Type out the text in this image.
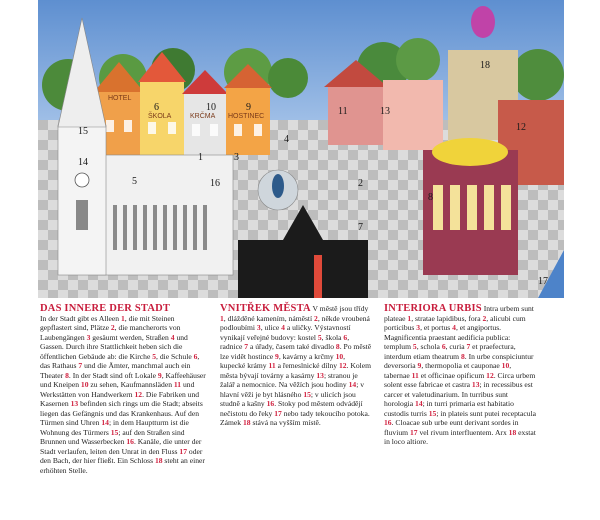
HOTEL
ŠKOLA	KRČMA HOSTINEC
1
2
3
4
5
6
7
8
9
10	11
12
13
14
15
16
17
18
DAS INNERE DER STADT
In der Stadt gibt es Alleen 1, die mit Steinen gepflastert sind, Plätze 2, die mancherorts von Laubengängen 3 gesäumt werden, Straßen 4 und Gassen. Durch ihre Stattlichkeit heben sich die öffentlichen Gebäude ab: die Kirche 5, die Schule 6, das Rathaus 7 und die Ämter, manchmal auch ein Theater 8. In der Stadt sind oft Lokale 9, Kaffeehäuser und Kneipen 10 zu sehen, Kaufmannsläden 11 und Werkstätten von Handwerkern 12. Die Fabriken und Kasernen 13 befinden sich rings um die Stadt; abseits liegen das Gefängnis und das Krankenhaus. Auf den Türmen sind Uhren 14; in dem Hauptturm ist die Wohnung des Türmers 15; auf den Straßen sind Brunnen und Wasserbecken 16. Kanäle, die unter der Stadt verlaufen, leiten den Unrat in den Fluss 17 oder den Bach, der hier fließt. Ein Schloss 18 steht an einer erhöhten Stelle.
VNITŘEK MĚSTA V městě jsou třídy 1, dlážděné kamením, náměstí 2, někde vroubená podloubími 3, ulice 4 a uličky. Výstavností vynikají veřejné budovy: kostel 5, škola 6, radnice 7 a úřady, časem také divadlo 8. Po městě lze vidět hostince 9, kavárny a krčmy 10, kupecké krámy 11 a řemeslnické dílny 12. Kolem města bývají továrny a kasárny 13; stranou je žalář a nemocnice. Na věžích jsou hodiny 14; v hlavní věži je byt hlásného 15; v ulicích jsou studně a kašny 16. Stoky pod městem odvádějí nečistotu do řeky 17 nebo tady tekoucího potoka. Zámek 18 stává na vyšším místě.
INTERIORA URBIS Intra urbem sunt plateae 1, stratae lapidibus, fora 2, alicubi cum porticibus 3, et portus 4, et angiportus. Magnificentia praestant aedificia publica: templum 5, schola 6, curia 7 et praefectura, interdum etiam theatrum 8. In urbe conspiciuntur deversoria 9, thermopolia et cauponae 10, tabernae 11 et officinae opificum 12. Circa urbem solent esse fabricae et castra 13; in recessibus est carcer et valetudinarium. In turribus sunt horologia 14; in turri primaria est habitatio custodis turris 15; in plateis sunt putei receptacula 16. Cloacae sub urbe eunt derivant sordes in fluvium 17 vel rivum interfluentem. Arx 18 exstat in loco altiore.
